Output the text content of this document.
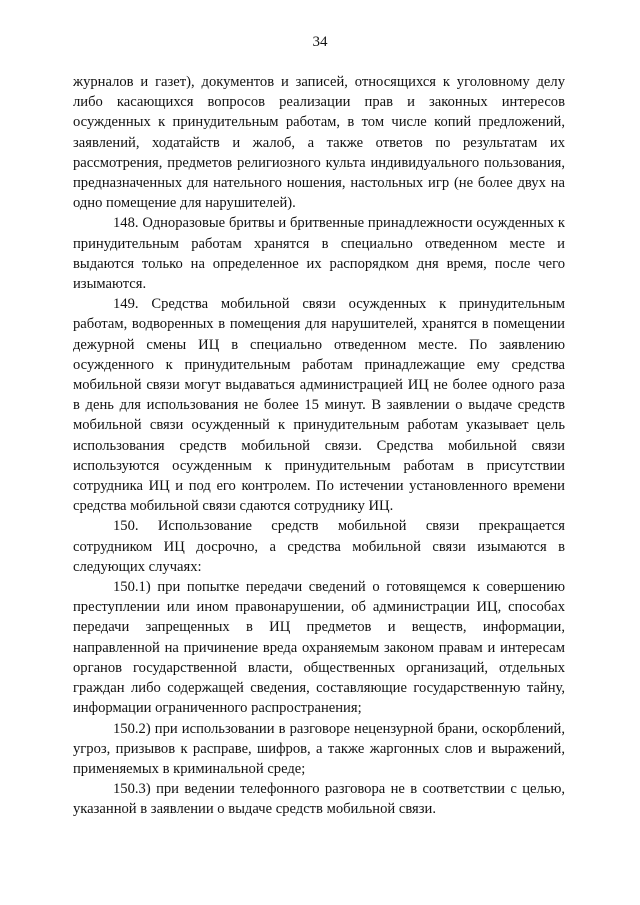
34

журналов и газет), документов и записей, относящихся к уголовному делу либо касающихся вопросов реализации прав и законных интересов осужденных к принудительным работам, в том числе копий предложений, заявлений, ходатайств и жалоб, а также ответов по результатам их рассмотрения, предметов религиозного культа индивидуального пользования, предназначенных для нательного ношения, настольных игр (не более двух на одно помещение для нарушителей).

148. Одноразовые бритвы и бритвенные принадлежности осужденных к принудительным работам хранятся в специально отведенном месте и выдаются только на определенное их распорядком дня время, после чего изымаются.

149. Средства мобильной связи осужденных к принудительным работам, водворенных в помещения для нарушителей, хранятся в помещении дежурной смены ИЦ в специально отведенном месте. По заявлению осужденного к принудительным работам принадлежащие ему средства мобильной связи могут выдаваться администрацией ИЦ не более одного раза в день для использования не более 15 минут. В заявлении о выдаче средств мобильной связи осужденный к принудительным работам указывает цель использования средств мобильной связи. Средства мобильной связи используются осужденным к принудительным работам в присутствии сотрудника ИЦ и под его контролем. По истечении установленного времени средства мобильной связи сдаются сотруднику ИЦ.

150. Использование средств мобильной связи прекращается сотрудником ИЦ досрочно, а средства мобильной связи изымаются в следующих случаях:

150.1) при попытке передачи сведений о готовящемся к совершению преступлении или ином правонарушении, об администрации ИЦ, способах передачи запрещенных в ИЦ предметов и веществ, информации, направленной на причинение вреда охраняемым законом правам и интересам органов государственной власти, общественных организаций, отдельных граждан либо содержащей сведения, составляющие государственную тайну, информации ограниченного распространения;

150.2) при использовании в разговоре нецензурной брани, оскорблений, угроз, призывов к расправе, шифров, а также жаргонных слов и выражений, применяемых в криминальной среде;

150.3) при ведении телефонного разговора не в соответствии с целью, указанной в заявлении о выдаче средств мобильной связи.
